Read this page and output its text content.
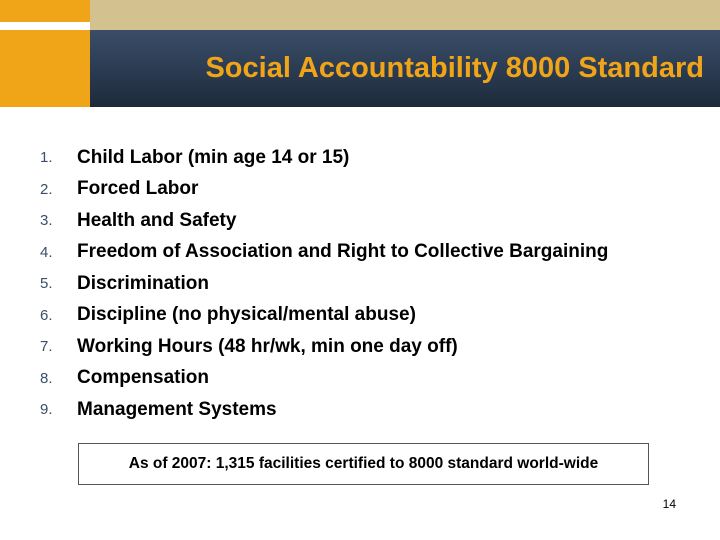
Social Accountability 8000 Standard
1.	Child Labor (min age 14 or 15)
2.	Forced Labor
3.	Health and Safety
4.	Freedom of Association and Right to Collective Bargaining
5.	Discrimination
6.	Discipline (no physical/mental abuse)
7.	Working Hours (48 hr/wk, min one day off)
8.	Compensation
9.	Management Systems
As of 2007: 1,315 facilities certified to 8000 standard world-wide
14
